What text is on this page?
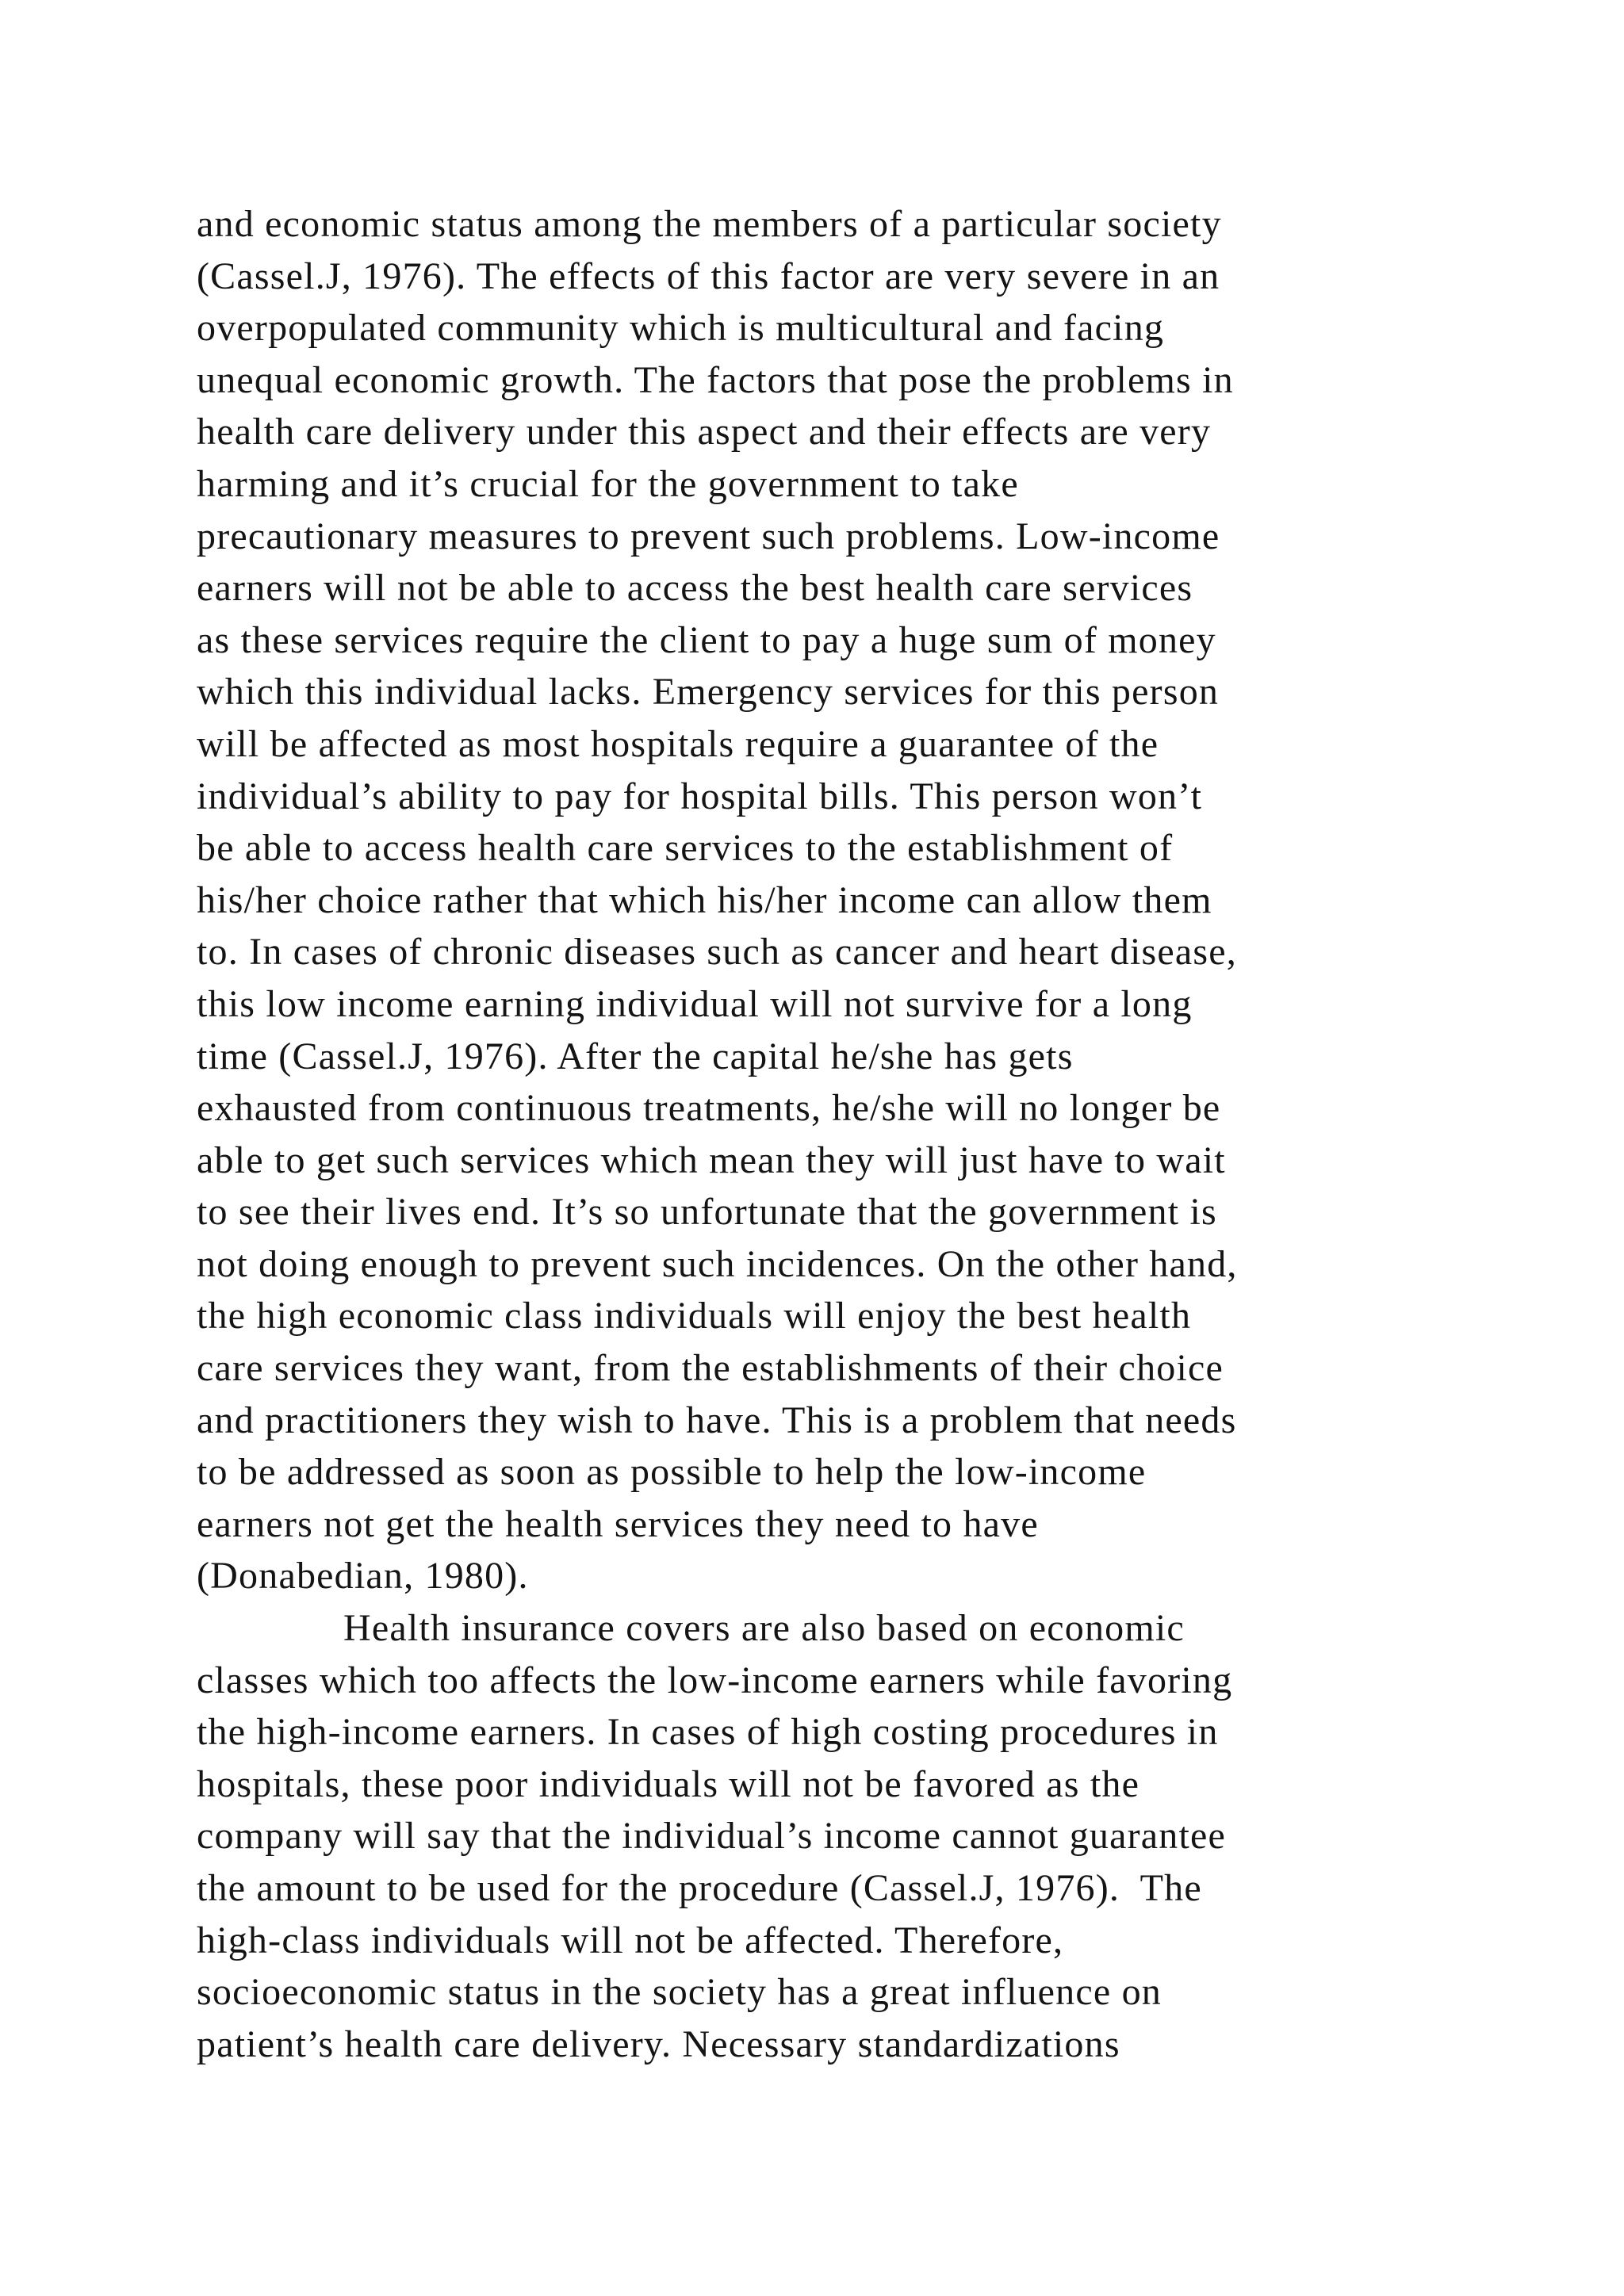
and economic status among the members of a particular society
(Cassel.J, 1976). The effects of this factor are very severe in an
overpopulated community which is multicultural and facing
unequal economic growth. The factors that pose the problems in
health care delivery under this aspect and their effects are very
harming and it’s crucial for the government to take
precautionary measures to prevent such problems. Low-income
earners will not be able to access the best health care services
as these services require the client to pay a huge sum of money
which this individual lacks. Emergency services for this person
will be affected as most hospitals require a guarantee of the
individual’s ability to pay for hospital bills. This person won’t
be able to access health care services to the establishment of
his/her choice rather that which his/her income can allow them
to. In cases of chronic diseases such as cancer and heart disease,
this low income earning individual will not survive for a long
time (Cassel.J, 1976). After the capital he/she has gets
exhausted from continuous treatments, he/she will no longer be
able to get such services which mean they will just have to wait
to see their lives end. It’s so unfortunate that the government is
not doing enough to prevent such incidences. On the other hand,
the high economic class individuals will enjoy the best health
care services they want, from the establishments of their choice
and practitioners they wish to have. This is a problem that needs
to be addressed as soon as possible to help the low-income
earners not get the health services they need to have
(Donabedian, 1980).
Health insurance covers are also based on economic
classes which too affects the low-income earners while favoring
the high-income earners. In cases of high costing procedures in
hospitals, these poor individuals will not be favored as the
company will say that the individual’s income cannot guarantee
the amount to be used for the procedure (Cassel.J, 1976).  The
high-class individuals will not be affected. Therefore,
socioeconomic status in the society has a great influence on
patient’s health care delivery. Necessary standardizations
